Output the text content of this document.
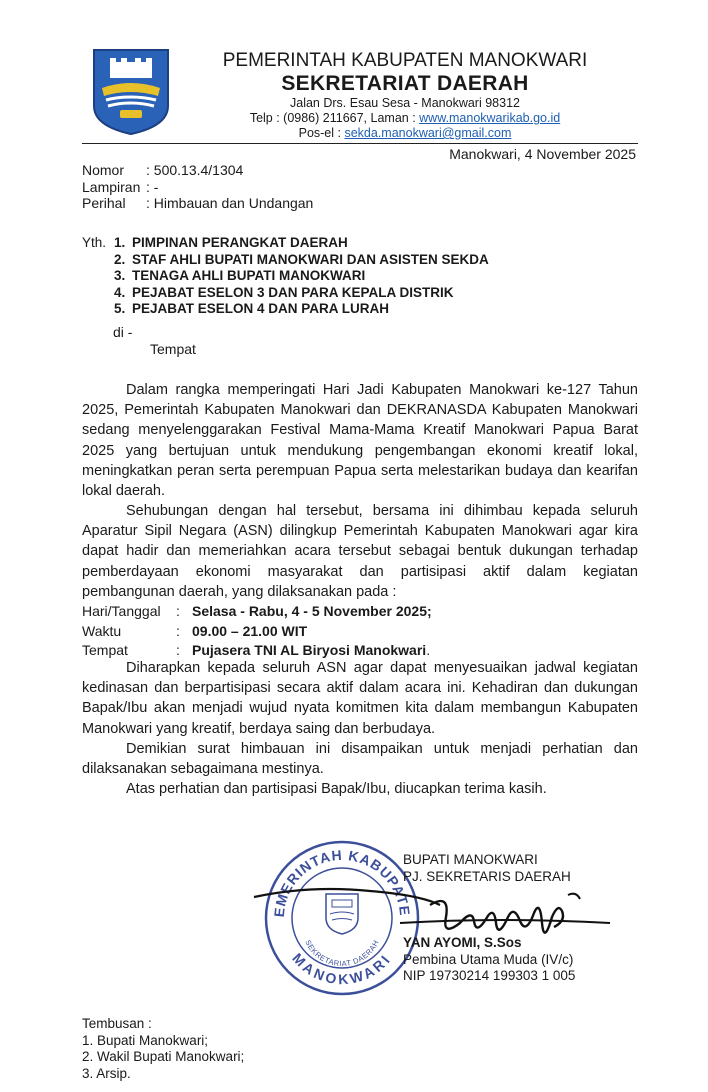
PEMERINTAH KABUPATEN MANOKWARI
SEKRETARIAT DAERAH
Jalan Drs. Esau Sesa - Manokwari 98312
Telp : (0986) 211667, Laman : www.manokwarikab.go.id
Pos-el : sekda.manokwari@gmail.com
Manokwari, 4 November 2025
Nomor : 500.13.4/1304
Lampiran : -
Perihal : Himbauan dan Undangan
Yth. 1. PIMPINAN PERANGKAT DAERAH
2. STAF AHLI BUPATI MANOKWARI DAN ASISTEN SEKDA
3. TENAGA AHLI BUPATI MANOKWARI
4. PEJABAT ESELON 3 DAN PARA KEPALA DISTRIK
5. PEJABAT ESELON 4 DAN PARA LURAH
di -
Tempat
Dalam rangka memperingati Hari Jadi Kabupaten Manokwari ke-127 Tahun 2025, Pemerintah Kabupaten Manokwari dan DEKRANASDA Kabupaten Manokwari sedang menyelenggarakan Festival Mama-Mama Kreatif Manokwari Papua Barat 2025 yang bertujuan untuk mendukung pengembangan ekonomi kreatif lokal, meningkatkan peran serta perempuan Papua serta melestarikan budaya dan kearifan lokal daerah.
Sehubungan dengan hal tersebut, bersama ini dihimbau kepada seluruh Aparatur Sipil Negara (ASN) dilingkup Pemerintah Kabupaten Manokwari agar kira dapat hadir dan memeriahkan acara tersebut sebagai bentuk dukungan terhadap pemberdayaan ekonomi masyarakat dan partisipasi aktif dalam kegiatan pembangunan daerah, yang dilaksanakan pada :
Hari/Tanggal : Selasa - Rabu, 4 - 5 November 2025;
Waktu	: 09.00 – 21.00 WIT
Tempat	: Pujasera TNI AL Biryosi Manokwari.
Diharapkan kepada seluruh ASN agar dapat menyesuaikan jadwal kegiatan kedinasan dan berpartisipasi secara aktif dalam acara ini. Kehadiran dan dukungan Bapak/Ibu akan menjadi wujud nyata komitmen kita dalam membangun Kabupaten Manokwari yang kreatif, berdaya saing dan berbudaya.
Demikian surat himbauan ini disampaikan untuk menjadi perhatian dan dilaksanakan sebagaimana mestinya.
Atas perhatian dan partisipasi Bapak/Ibu, diucapkan terima kasih.
EMERINTAH KABUPATE
MANOKWARI
SEKRETARIAT DAERAH
BUPATI MANOKWARI
PJ. SEKRETARIS DAERAH
YAN AYOMI, S.Sos
Pembina Utama Muda (IV/c)
NIP 19730214 199303 1 005
Tembusan :
1. Bupati Manokwari;
2. Wakil Bupati Manokwari;
3. Arsip.
